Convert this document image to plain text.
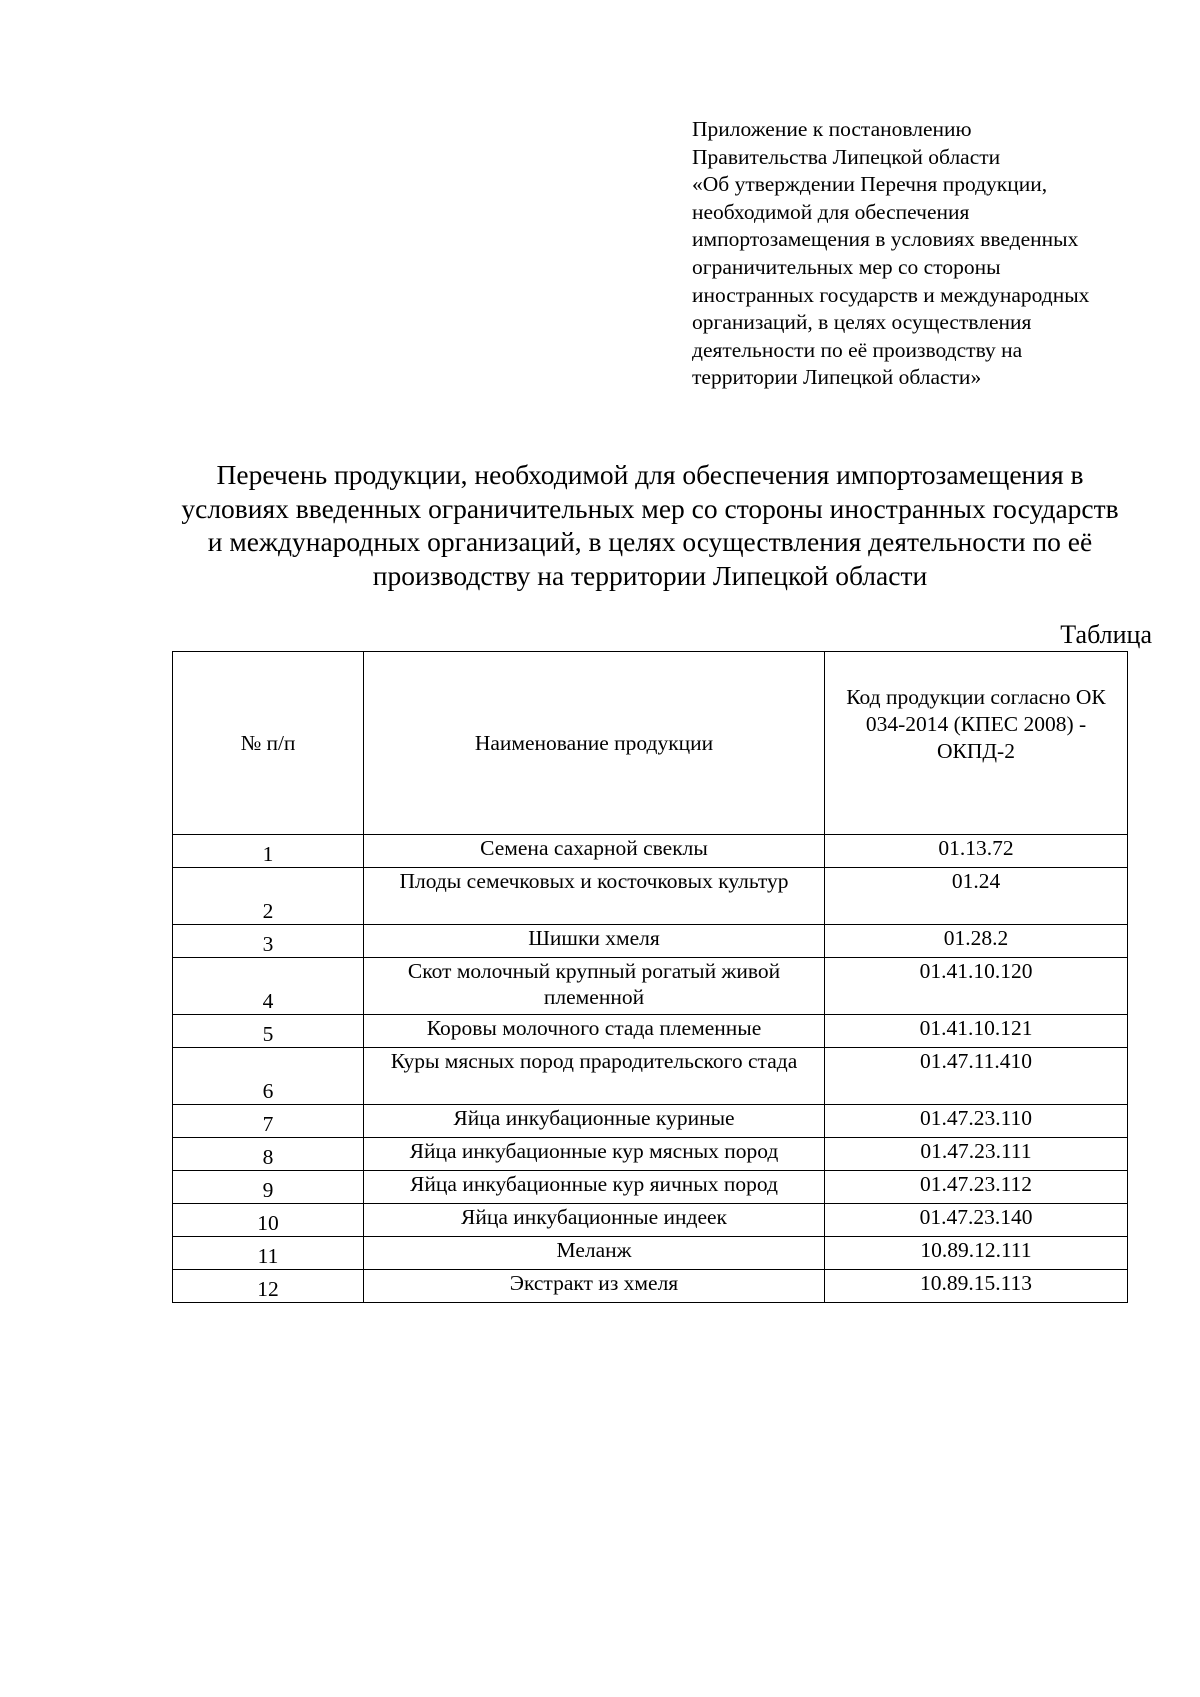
Приложение к постановлению
Правительства Липецкой области
«Об утверждении Перечня продукции,
необходимой для обеспечения
импортозамещения в условиях введенных
ограничительных мер со стороны
иностранных государств и международных
организаций, в целях осуществления
деятельности по её производству на
территории Липецкой области»
Перечень продукции, необходимой для обеспечения импортозамещения в
условиях введенных ограничительных мер со стороны иностранных государств
и международных организаций, в целях осуществления деятельности по её
производству на территории Липецкой области
Таблица
№ п/п	Наименование продукции	Код продукции согласно ОК 034-2014 (КПЕС 2008) - ОКПД-2
1	Семена сахарной свеклы	01.13.72
2	Плоды семечковых и косточковых культур	01.24
3	Шишки хмеля	01.28.2
4	Скот молочный крупный рогатый живой племенной	01.41.10.120
5	Коровы молочного стада племенные	01.41.10.121
6	Куры мясных пород прародительского стада	01.47.11.410
7	Яйца инкубационные куриные	01.47.23.110
8	Яйца инкубационные кур мясных пород	01.47.23.111
9	Яйца инкубационные кур яичных пород	01.47.23.112
10	Яйца инкубационные индеек	01.47.23.140
11	Меланж	10.89.12.111
12	Экстракт из хмеля	10.89.15.113
